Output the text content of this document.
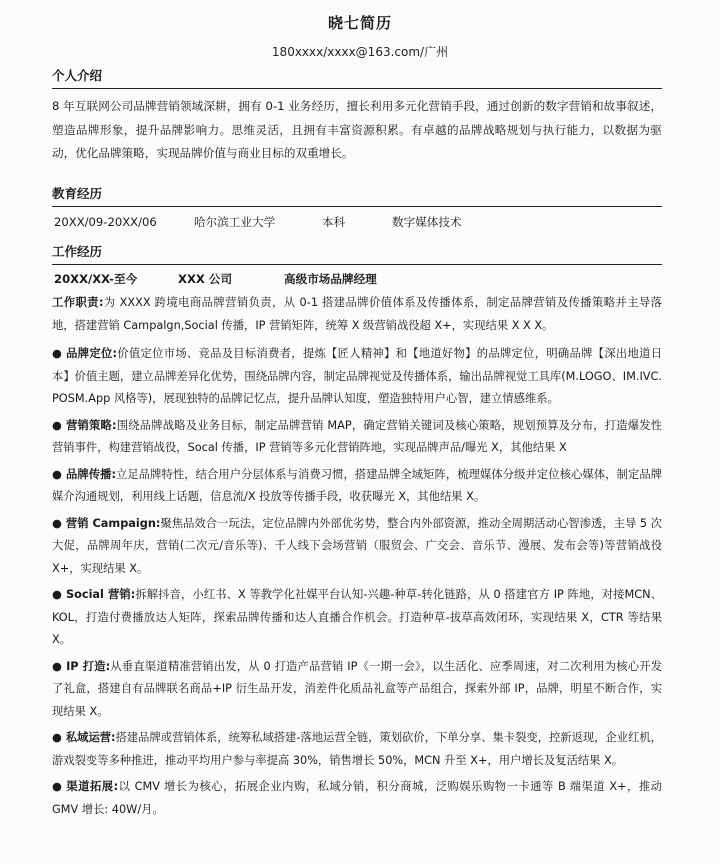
晓七简历
180xxxx/xxxx@163.com/广州
个人介绍

8 年互联网公司品牌营销领域深耕，拥有 0-1 业务经历，擅长利用多元化营销手段，通过创新的数字营销和故事叙述，塑造品牌形象，提升品牌影响力。思维灵活，且拥有丰富资源积累。有卓越的品牌战略规划与执行能力，以数据为驱动，优化品牌策略，实现品牌价值与商业目标的双重增长。

教育经历
20XX/09-20XX/06	哈尔滨工业大学	本科	数字媒体技术
工作经历
20XX/XX-至今	XXX 公司	高级市场品牌经理

工作职责:为 XXXX 跨境电商品牌营销负责，从 0-1 搭建品牌价值体系及传播体系，制定品牌营销及传播策略并主导落地，搭建营销 Campalgn,Social 传播，IP 营销矩阵，统筹 X 级营销战役超 X+，实现结果 X X X。

● 品牌定位:价值定位市场、竞品及目标消费者，提炼【匠人精神】和【地道好物】的品牌定位，明确品牌【深出地道日本】价值主题，建立品牌差异化优势，围绕品牌内容，制定品牌视觉及传播体系，输出品牌视觉工具库(M.LOGO、IM.IVC. POSM.App 风格等)，展现独特的品牌记忆点，提升品牌认知度，塑造独特用户心智，建立情感维系。

● 营销策略:围绕品牌战略及业务目标，制定品牌营销 MAP，确定营销关键词及核心策略，规划预算及分布，打造爆发性营销事件，构建营销战役，Socal 传播，IP 营销等多元化营销阵地，实现品牌声品/曝光 X，其他结果 X

● 品牌传播:立足品牌特性，结合用户分层体系与消费习惯，搭建品牌全域矩阵，梳理媒体分级并定位核心媒体，制定品牌媒介沟通规划，利用线上话题，信息流/X 投放等传播手段，收获曝光 X，其他结果 X。

● 营销 Campaign:聚焦品效合一玩法，定位品牌内外部优劣势，整合内外部资源，推动全周期活动心智渗透，主导 5 次大促，品牌周年庆，营销(二次元/音乐等)、千人线下会场营销（服贸会、广交会、音乐节、漫展、发布会等)等营销战役 X+，实现结果 X。

● Social 营销:拆解抖音，小红书、X 等教学化社媒平台认知-兴趣-种草-转化链路，从 0 搭建官方 IP 阵地，对接MCN、KOL，打造付费播放达人矩阵，探索品牌传播和达人直播合作机会。打造种草-拔草高效闭环，实现结果 X，CTR 等结果 X。

● IP 打造:从垂直渠道精准营销出发，从 0 打造产品营销 IP《一期一会》，以生活化、应季周速，对二次利用为核心开发了礼盒，搭建自有品牌联名商品+IP 衍生品开发，消差件化质品礼盒等产品组合，探索外部 IP，品牌，明星不断合作，实现结果 X。

● 私域运营:搭建品牌或营销体系，统筹私域搭建-落地运营全链，策划砍价，下单分享、集卡裂变，控新返现，企业红机，游戏裂变等多种推进，推动平均用户参与率提高 30%，销售增长 50%，MCN 升至 X+，用户增长及复活结果 X。

● 渠道拓展:以 CMV 增长为核心，拓展企业内购，私域分销，积分商城，泛购娱乐购物一卡通等 B 端渠道 X+，推动 GMV 增长: 40W/月。
